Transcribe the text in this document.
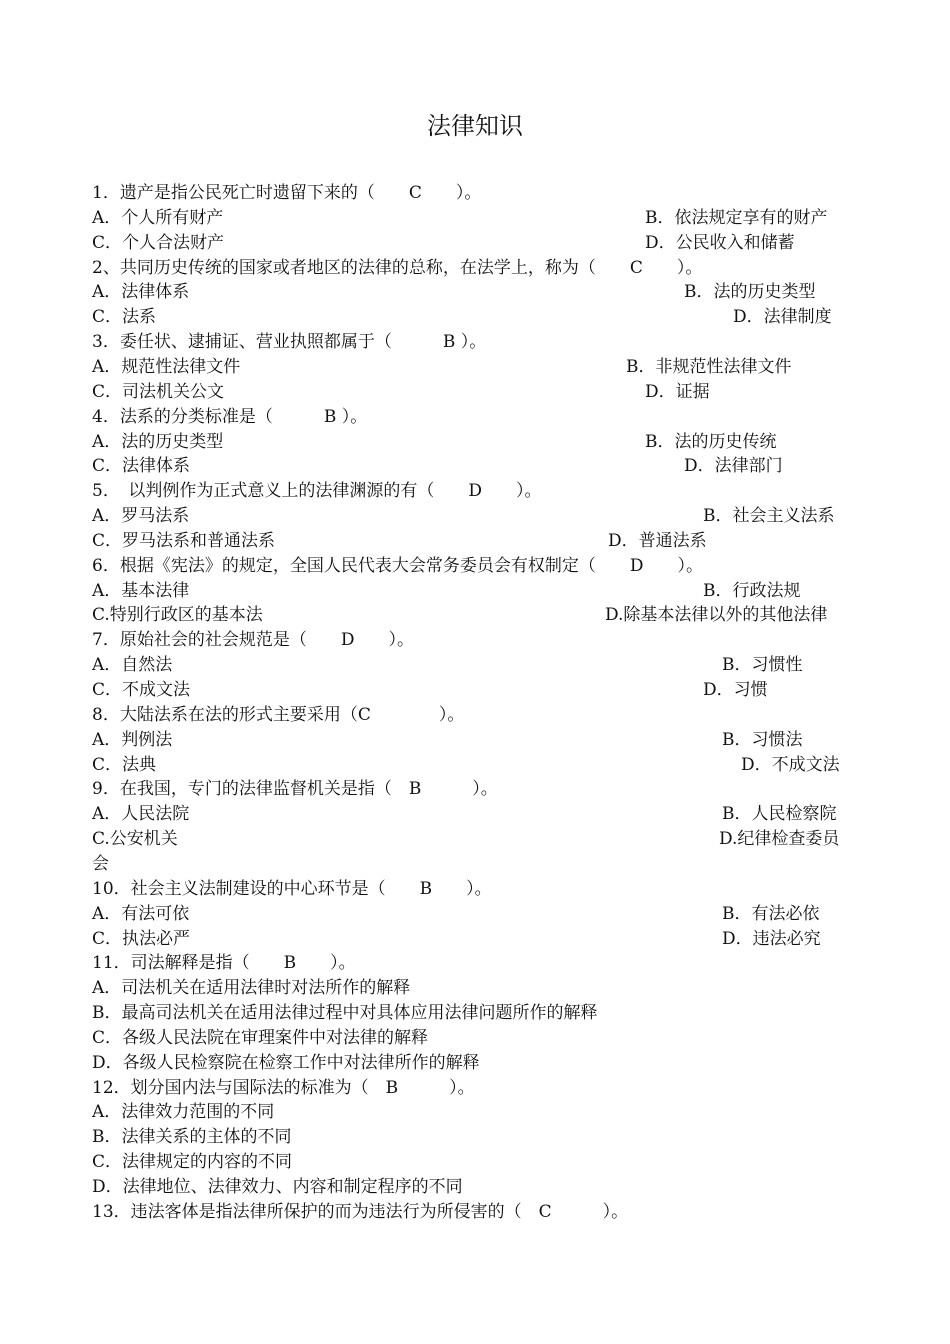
法律知识
1．遗产是指公民死亡时遗留下来的（　　C　　）。
A．个人所有财产	B．依法规定享有的财产
C．个人合法财产	D．公民收入和储蓄
2、共同历史传统的国家或者地区的法律的总称，在法学上，称为（　　C　　）。
A．法律体系	B．法的历史类型
C．法系	D．法律制度
3．委任状、逮捕证、营业执照都属于（　　　B ）。
A．规范性法律文件	B．非规范性法律文件
C．司法机关公文	D．证据
4．法系的分类标准是（　　　B ）。
A．法的历史类型	B．法的历史传统
C．法律体系	D．法律部门
5．　以判例作为正式意义上的法律渊源的有（　　D　　）。
A．罗马法系	B．社会主义法系
C．罗马法系和普通法系	D．普通法系
6．根据《宪法》的规定，全国人民代表大会常务委员会有权制定（　　D　　）。
A．基本法律	B．行政法规
C.特别行政区的基本法	D.除基本法律以外的其他法律
7．原始社会的社会规范是（　　D　　）。
A．自然法	B．习惯性
C．不成文法	D．习惯
8．大陆法系在法的形式主要采用（C　　　　）。
A．判例法	B．习惯法
C．法典	D．不成文法
9．在我国，专门的法律监督机关是指（　B　　　）。
A．人民法院	B．人民检察院
C.公安机关	D.纪律检查委员
会
10．社会主义法制建设的中心环节是（　　B　　）。
A．有法可依	B．有法必依
C．执法必严	D．违法必究
11．司法解释是指（　　B　　）。
A．司法机关在适用法律时对法所作的解释
B．最高司法机关在适用法律过程中对具体应用法律问题所作的解释
C．各级人民法院在审理案件中对法律的解释
D．各级人民检察院在检察工作中对法律所作的解释
12．划分国内法与国际法的标准为（　B　　　）。
A．法律效力范围的不同
B．法律关系的主体的不同
C．法律规定的内容的不同
D．法律地位、法律效力、内容和制定程序的不同
13．违法客体是指法律所保护的而为违法行为所侵害的（　C　　　）。
